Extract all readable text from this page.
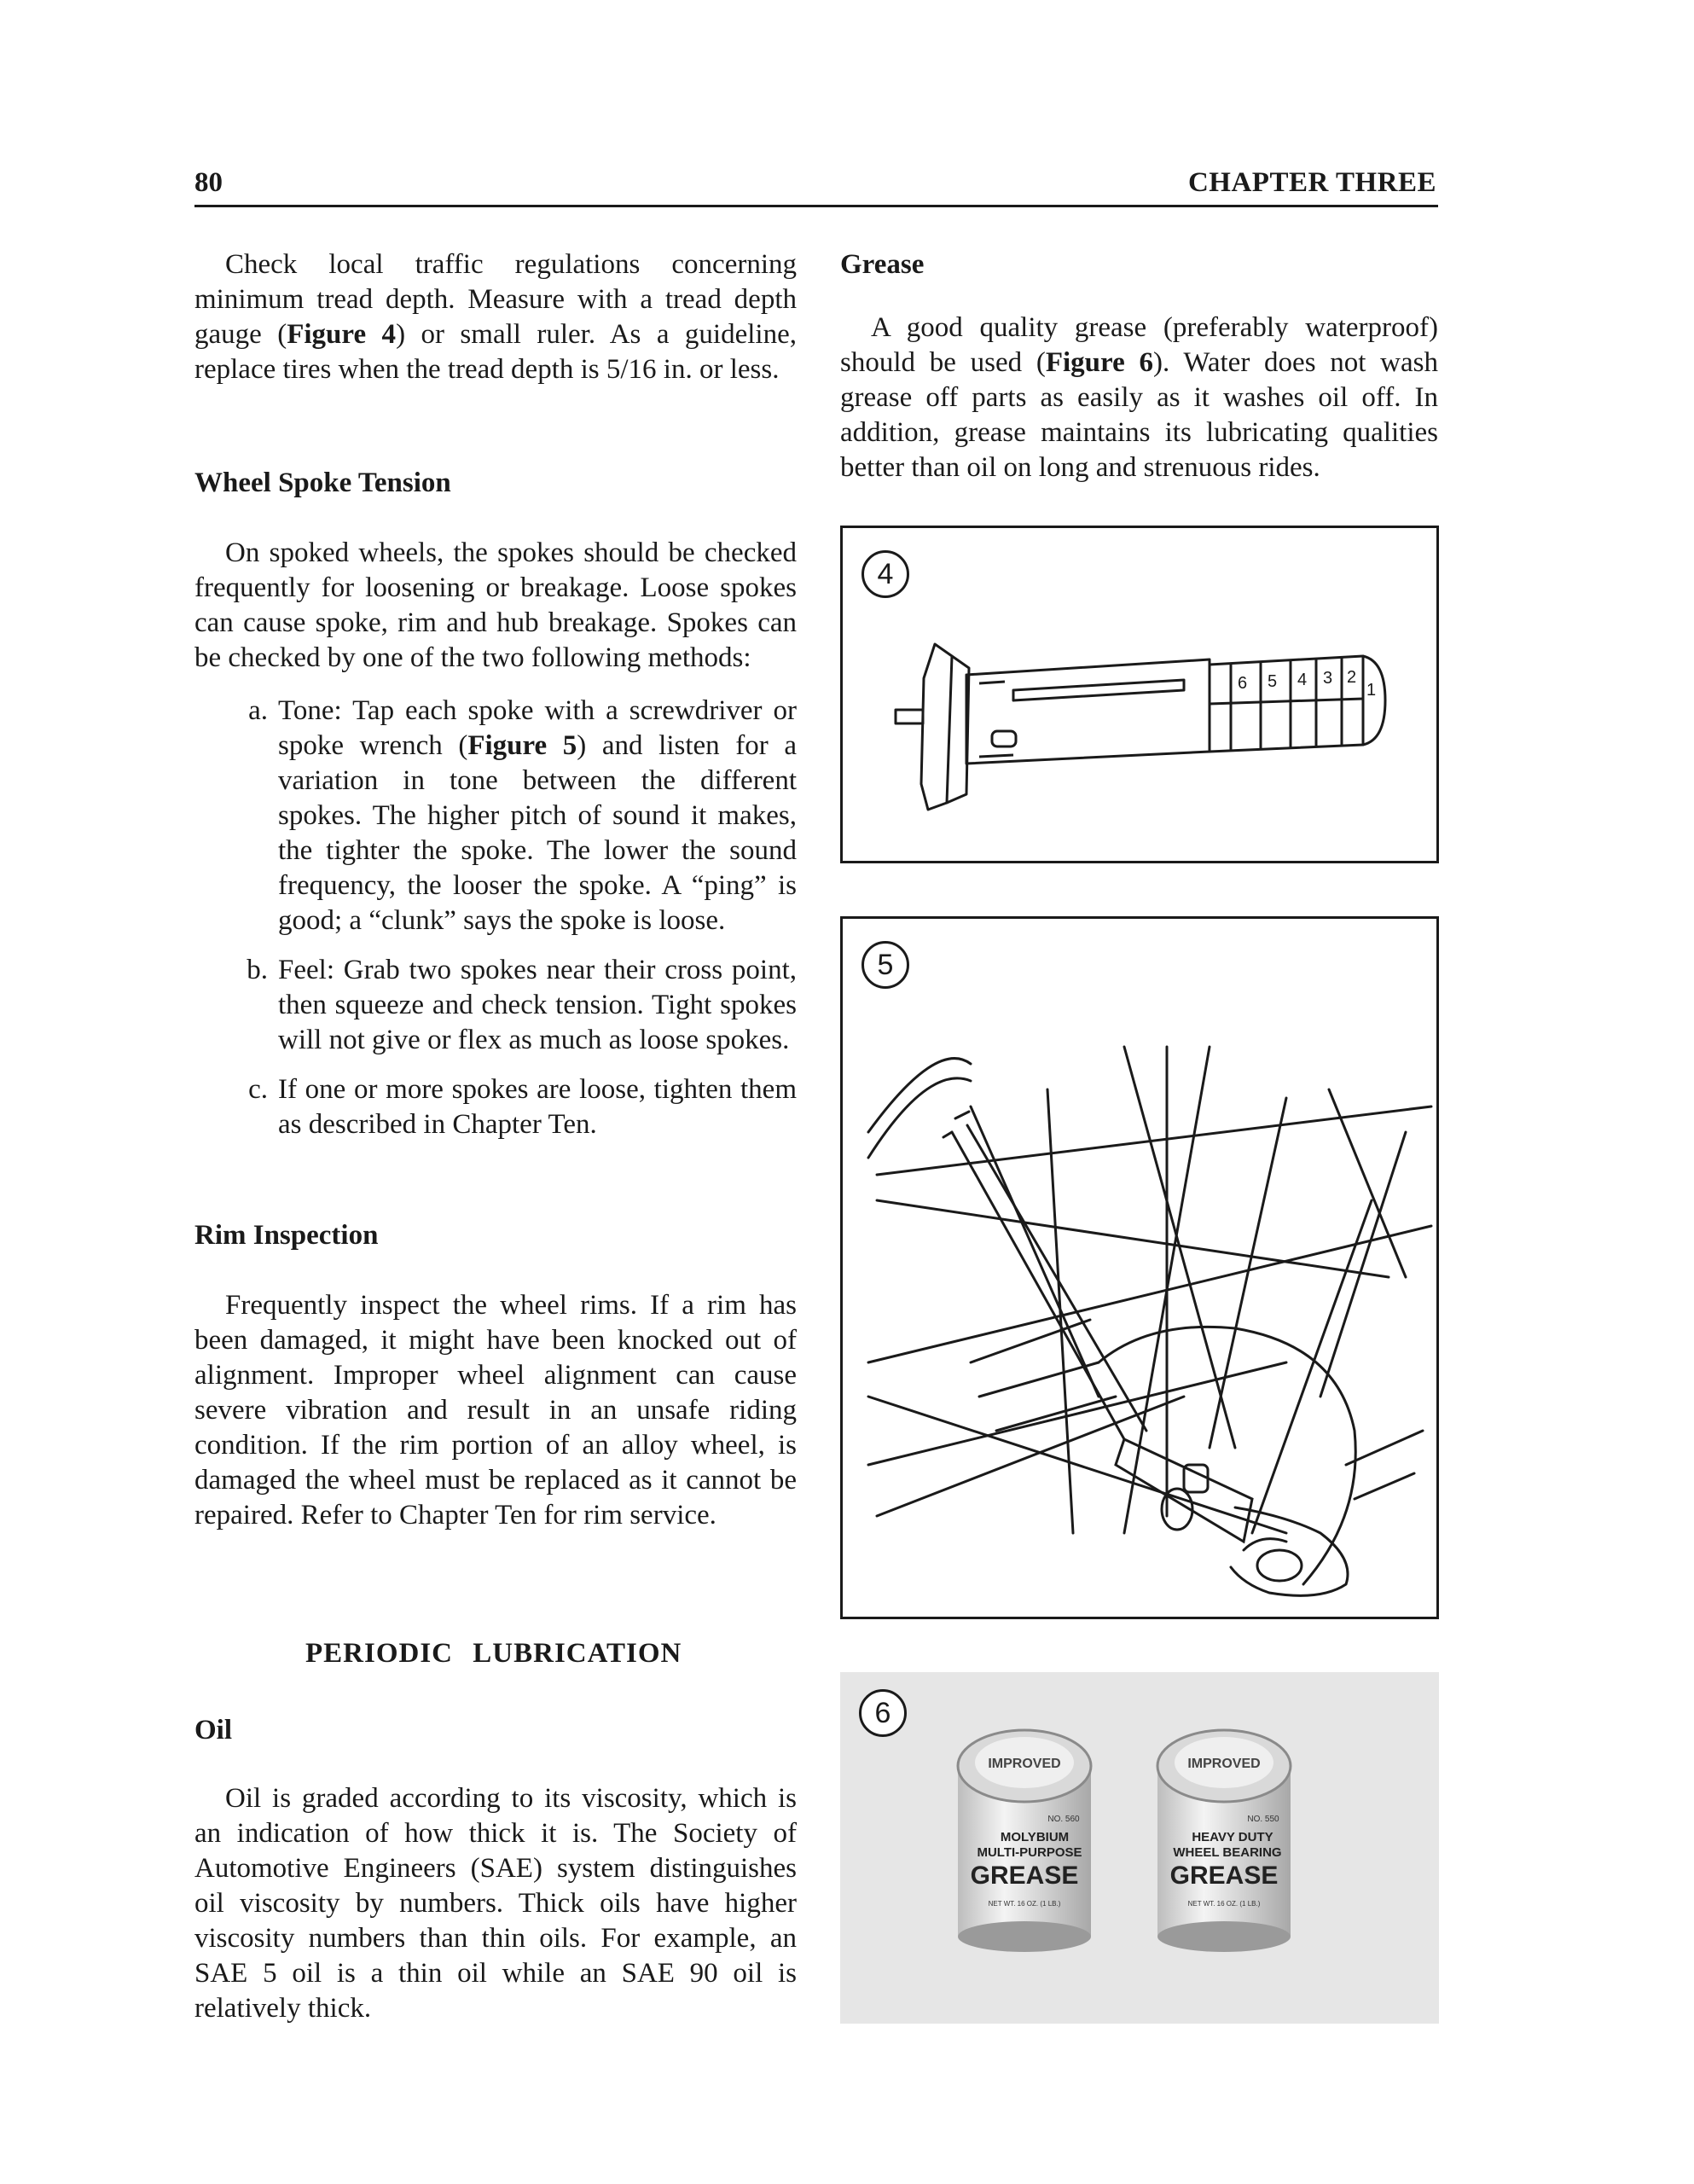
80	CHAPTER THREE

Check local traffic regulations concerning minimum tread depth. Measure with a tread depth gauge (Figure 4) or small ruler. As a guideline, replace tires when the tread depth is 5/16 in. or less.

Wheel Spoke Tension

On spoked wheels, the spokes should be checked frequently for loosening or breakage. Loose spokes can cause spoke, rim and hub breakage. Spokes can be checked by one of the two following methods:

a. Tone: Tap each spoke with a screwdriver or spoke wrench (Figure 5) and listen for a variation in tone between the different spokes. The higher pitch of sound it makes, the tighter the spoke. The lower the sound frequency, the looser the spoke. A “ping” is good; a “clunk” says the spoke is loose.
b. Feel: Grab two spokes near their cross point, then squeeze and check tension. Tight spokes will not give or flex as much as loose spokes.
c. If one or more spokes are loose, tighten them as described in Chapter Ten.
Rim Inspection

Frequently inspect the wheel rims. If a rim has been damaged, it might have been knocked out of alignment. Improper wheel alignment can cause severe vibration and result in an unsafe riding condition. If the rim portion of an alloy wheel, is damaged the wheel must be replaced as it cannot be repaired. Refer to Chapter Ten for rim service.

PERIODIC LUBRICATION
Oil

Oil is graded according to its viscosity, which is an indication of how thick it is. The Society of Automotive Engineers (SAE) system distinguishes oil viscosity by numbers. Thick oils have higher viscosity numbers than thin oils. For example, an SAE 5 oil is a thin oil while an SAE 90 oil is relatively thick.

Grease

A good quality grease (preferably waterproof) should be used (Figure 6). Water does not wash grease off parts as easily as it washes oil off. In addition, grease maintains its lubricating qualities better than oil on long and strenuous rides.

6 5 4 3 2
1
4
5
IMPROVED
NO. 560
MOLYBIUM
MULTI-PURPOSE
GREASE
NET WT. 16 OZ. (1 LB.)
IMPROVED
NO. 550
HEAVY DUTY
WHEEL BEARING
GREASE
NET WT. 16 OZ. (1 LB.)
6
